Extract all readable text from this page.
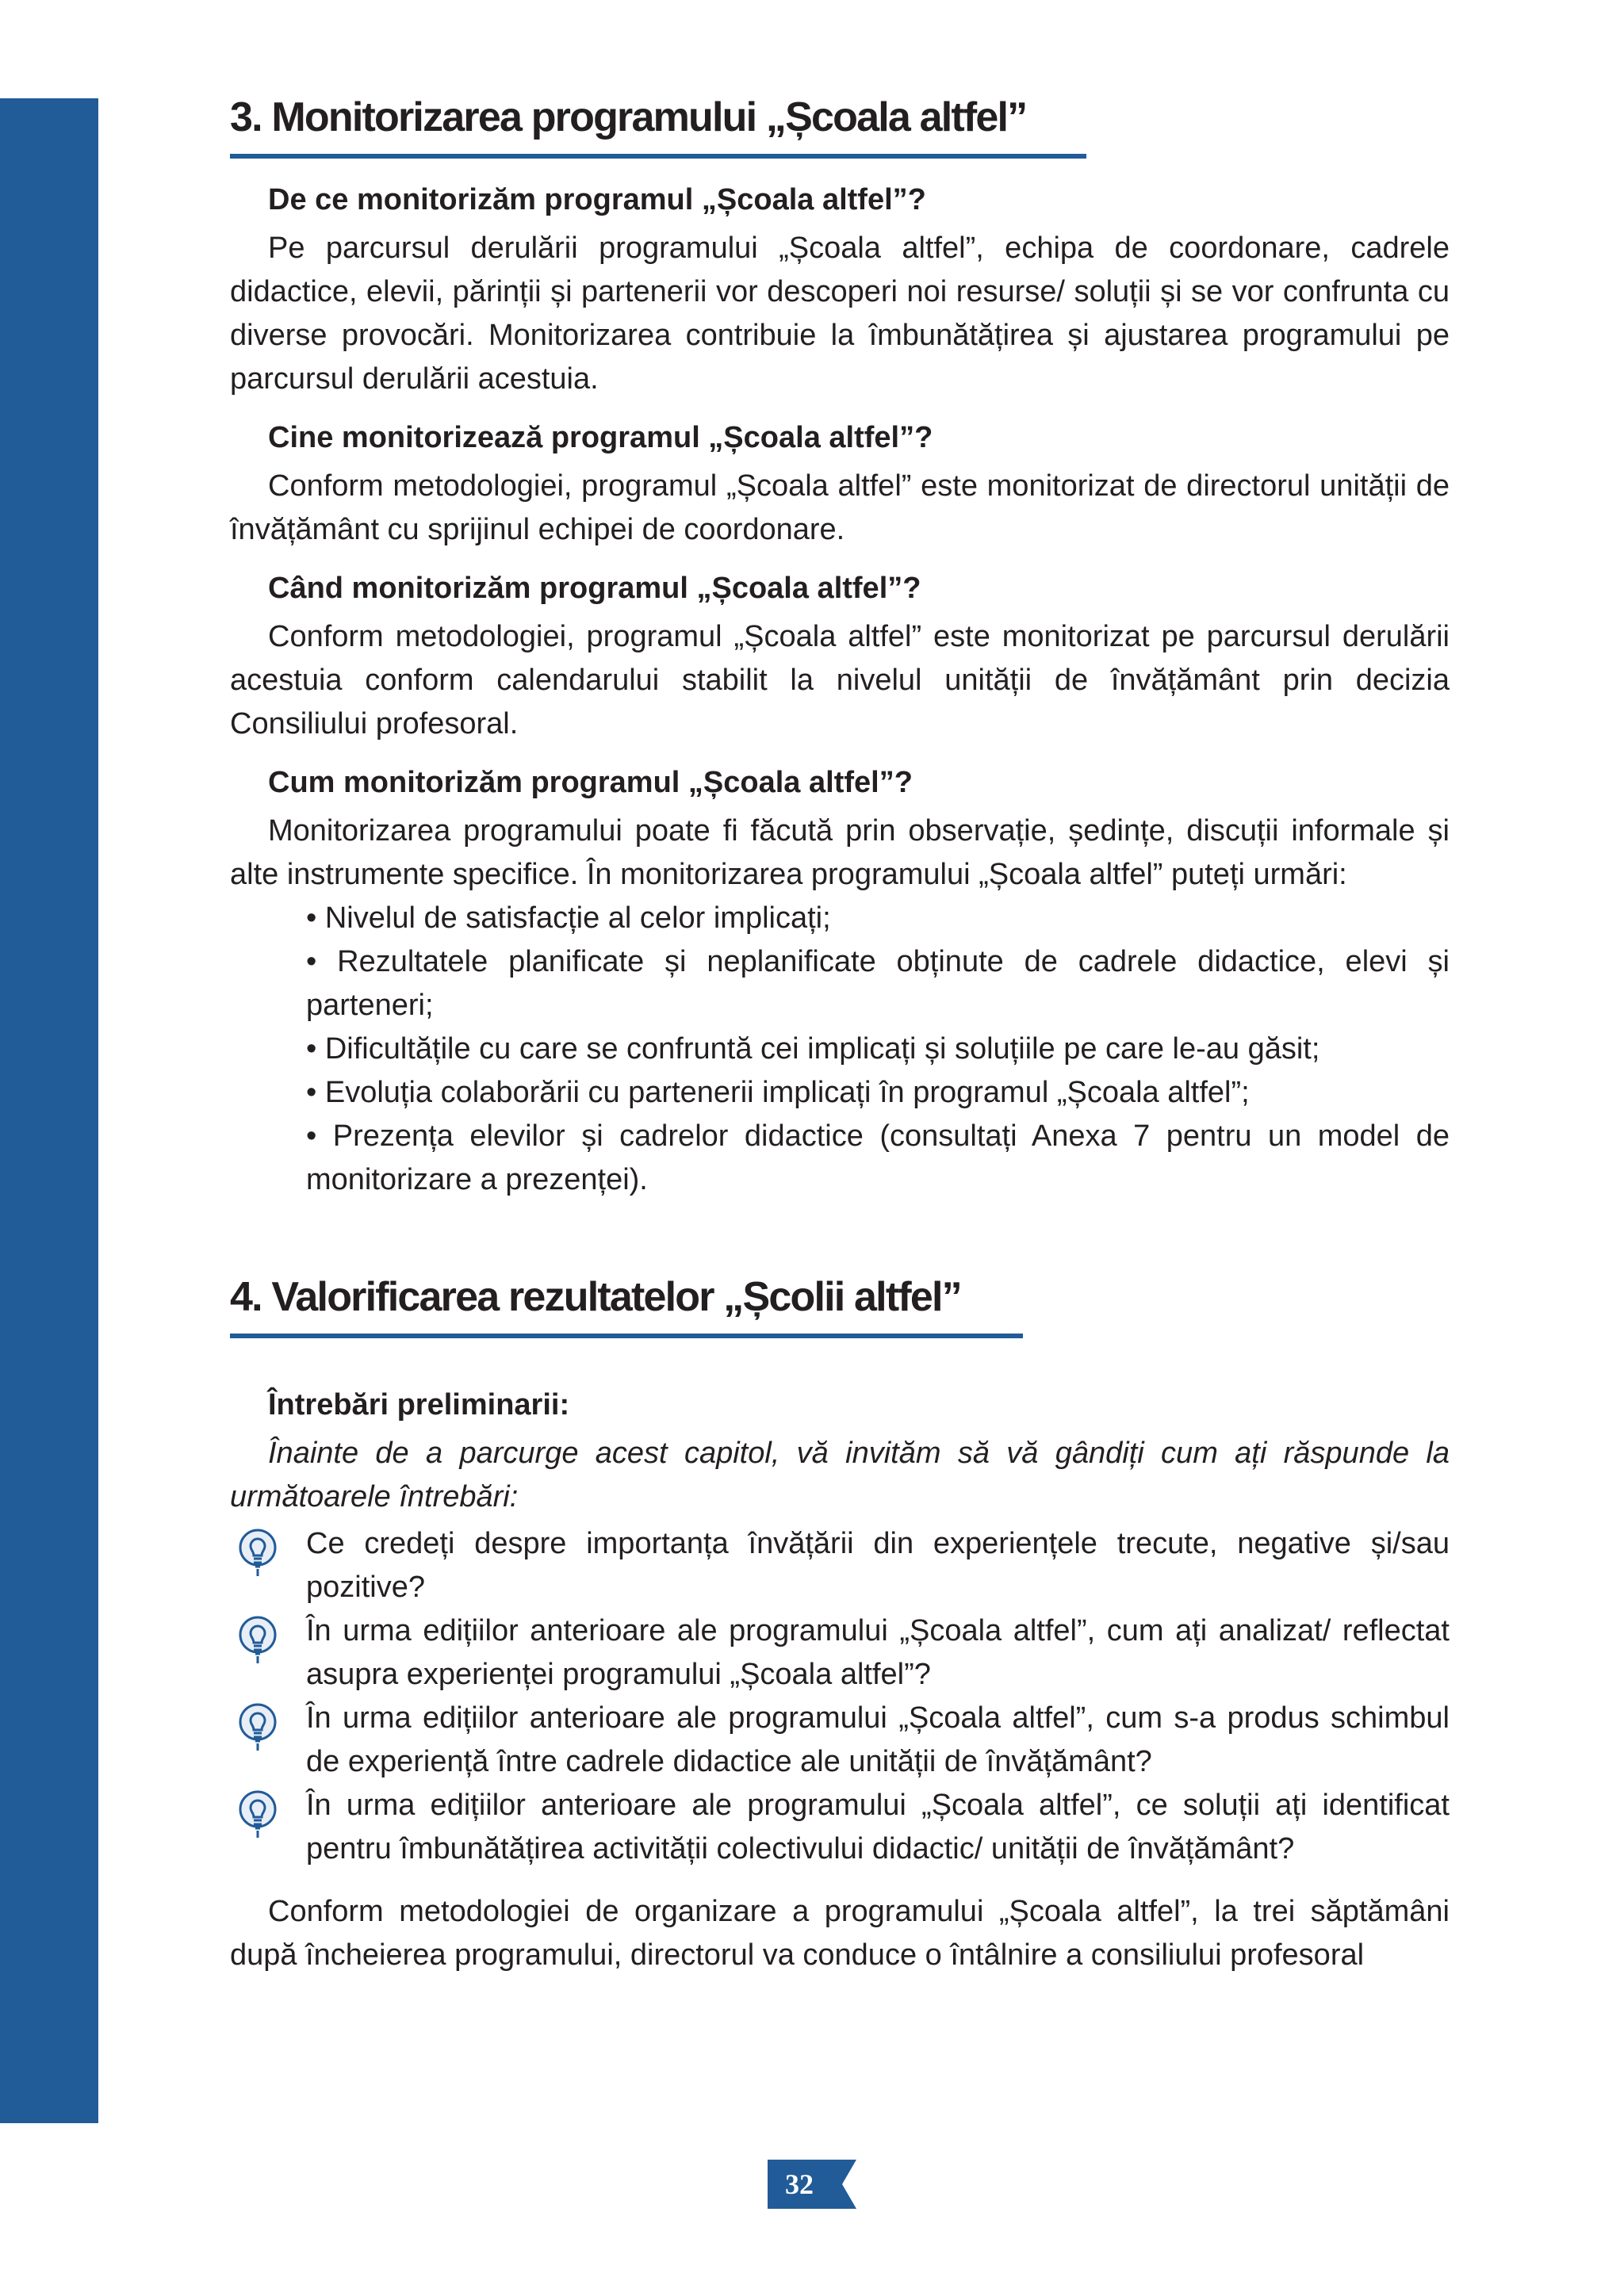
3. Monitorizarea programului „Școala altfel”
De ce monitorizăm programul „Școala altfel”?

Pe parcursul derulării programului „Școala altfel”, echipa de coordonare, cadrele didactice, elevii, părinții și partenerii vor descoperi noi resurse/ soluții și se vor confrunta cu diverse provocări. Monitorizarea contribuie la îmbunătățirea și ajustarea programului pe parcursul derulării acestuia.

Cine monitorizează programul „Școala altfel”?

Conform metodologiei, programul „Școala altfel” este monitorizat de directorul unității de învățământ cu sprijinul echipei de coordonare.

Când monitorizăm programul „Școala altfel”?

Conform metodologiei, programul „Școala altfel” este monitorizat pe parcursul derulării acestuia conform calendarului stabilit la nivelul unității de învățământ prin decizia Consiliului profesoral.

Cum monitorizăm programul „Școala altfel”?

Monitorizarea programului poate fi făcută prin observație, ședințe, discuții informale și alte instrumente specifice. În monitorizarea programului „Școala altfel” puteți urmări:

• Nivelul de satisfacție al celor implicați;
• Rezultatele planificate și neplanificate obținute de cadrele didactice, elevi și parteneri;
• Dificultățile cu care se confruntă cei implicați și soluțiile pe care le-au găsit;
• Evoluția colaborării cu partenerii implicați în programul „Școala altfel”;
• Prezența elevilor și cadrelor didactice (consultați Anexa 7 pentru un model de monitorizare a prezenței).
4. Valorificarea rezultatelor „Școlii altfel”
Întrebări preliminarii:

Înainte de a parcurge acest capitol, vă invităm să vă gândiți cum ați răspunde la următoarele întrebări:

Ce credeți despre importanța învățării din experiențele trecute, negative și/sau pozitive?
În urma edițiilor anterioare ale programului „Școala altfel”, cum ați analizat/ reflectat asupra experienței programului „Școala altfel”?
În urma edițiilor anterioare ale programului „Școala altfel”, cum s-a produs schimbul de experiență între cadrele didactice ale unității de învățământ?
În urma edițiilor anterioare ale programului „Școala altfel”, ce soluții ați identificat pentru îmbunătățirea activității colectivului didactic/ unității de învățământ?

Conform metodologiei de organizare a programului „Școala altfel”, la trei săptămâni după încheierea programului, directorul va conduce o întâlnire a consiliului profesoral

32
